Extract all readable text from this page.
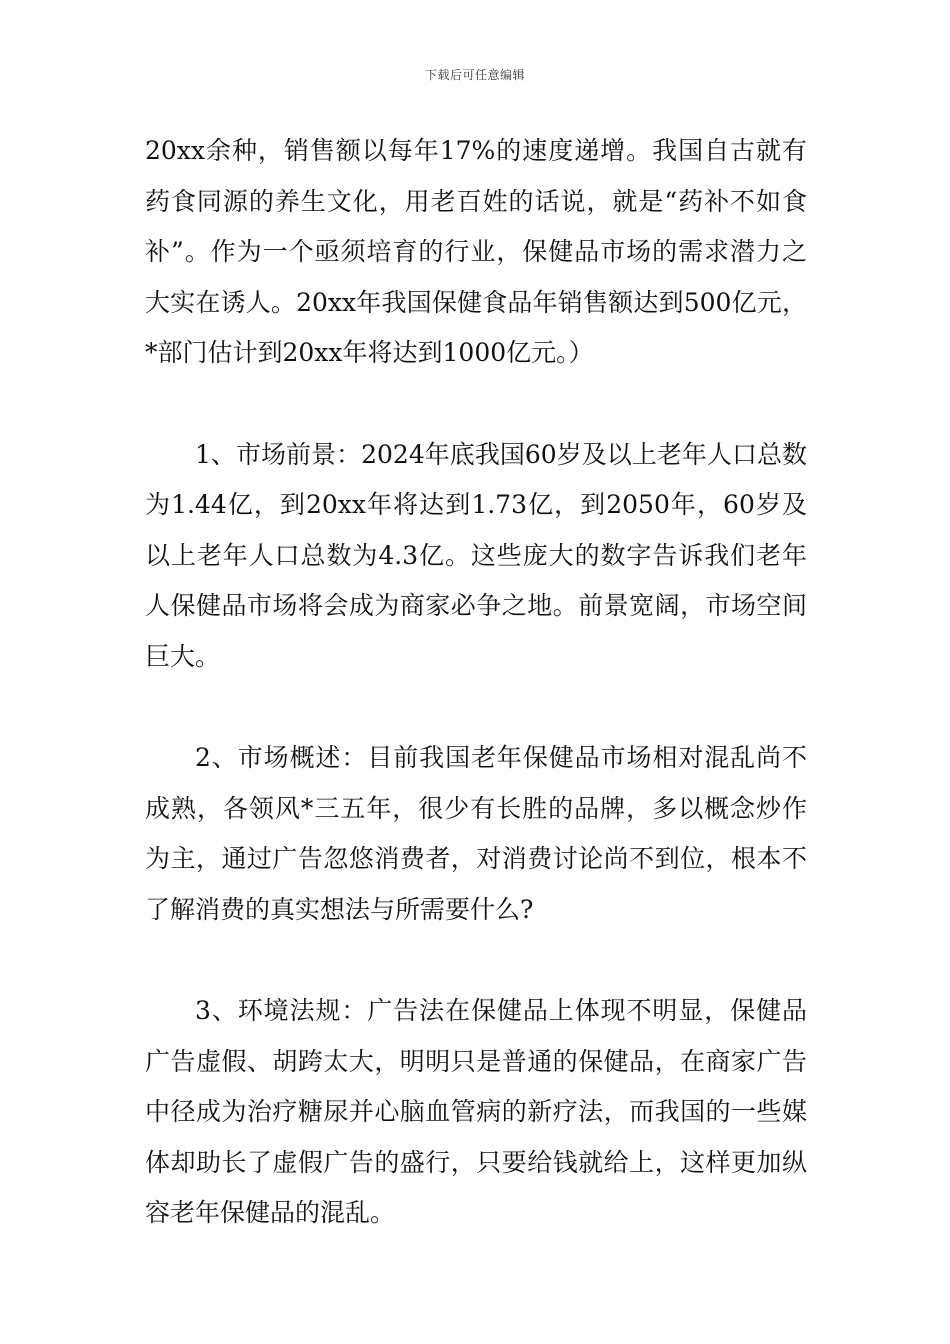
下载后可任意编辑

20xx余种，销售额以每年17%的速度递增。我国自古就有药食同源的养生文化，用老百姓的话说，就是“药补不如食补”。作为一个亟须培育的行业，保健品市场的需求潜力之大实在诱人。20xx年我国保健食品年销售额达到500亿元，*部门估计到20xx年将达到1000亿元。）

1、市场前景：2024年底我国60岁及以上老年人口总数为1.44亿，到20xx年将达到1.73亿，到2050年，60岁及以上老年人口总数为4.3亿。这些庞大的数字告诉我们老年人保健品市场将会成为商家必争之地。前景宽阔，市场空间巨大。

2、市场概述：目前我国老年保健品市场相对混乱尚不成熟，各领风*三五年，很少有长胜的品牌，多以概念炒作为主，通过广告忽悠消费者，对消费讨论尚不到位，根本不了解消费的真实想法与所需要什么?

3、环境法规：广告法在保健品上体现不明显，保健品广告虚假、胡跨太大，明明只是普通的保健品，在商家广告中径成为治疗糖尿并心脑血管病的新疗法，而我国的一些媒体却助长了虚假广告的盛行，只要给钱就给上，这样更加纵容老年保健品的混乱。
